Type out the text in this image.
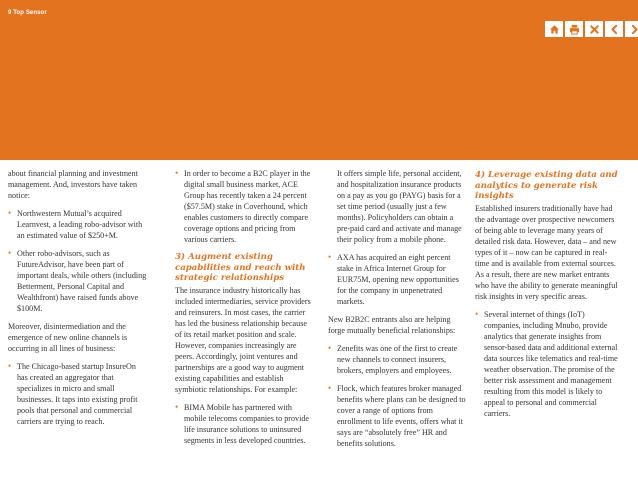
9 Top Sensor

about financial planning and investment management. And, investors have taken notice:

• Northwestern Mutual’s acquired Learnvest, a leading robo-advisor with an estimated value of $250+M.
• Other robo-advisors, such as FutureAdvisor, have been part of important deals, while others (including Betterment, Personal Capital and Wealthfront) have raised funds above $100M.

Moreover, disintermediation and the emergence of new online channels is occurring in all lines of business:

• The Chicago-based startup InsureOn has created an aggregator that specializes in micro and small businesses. It taps into existing profit pools that personal and commercial carriers are trying to reach.
• In order to become a B2C player in the digital small business market, ACE Group has recently taken a 24 percent ($57.5M) stake in Coverhound, which enables customers to directly compare coverage options and pricing from various carriers.
3) Augment existing capabilities and reach with strategic relationships

The insurance industry historically has included intermediaries, service providers and reinsurers. In most cases, the carrier has led the business relationship because of its retail market position and scale. However, companies increasingly are peers. Accordingly, joint ventures and partnerships are a good way to augment existing capabilities and establish symbiotic relationships. For example:

• BIMA Mobile has partnered with mobile telecoms companies to provide life insurance solutions to uninsured segments in less developed countries.
It offers simple life, personal accident, and hospitalization insurance products on a pay as you go (PAYG) basis for a set time period (usually just a few months). Policyholders can obtain a pre-paid card and activate and manage their policy from a mobile phone.
• AXA has acquired an eight percent stake in Africa Internet Group for EUR75M, opening new opportunities for the company in unpenetrated markets.

New B2B2C entrants also are helping forge mutually beneficial relationships:

• Zenefits was one of the first to create new channels to connect insurers, brokers, employers and employees.
• Flock, which features broker managed benefits where plans can be designed to cover a range of options from enrollment to life events, offers what it says are “absolutely free” HR and benefits solutions.
4) Leverage existing data and analytics to generate risk insights

Established insurers traditionally have had the advantage over prospective newcomers of being able to leverage many years of detailed risk data. However, data – and new types of it – now can be captured in real-time and is available from external sources. As a result, there are new market entrants who have the ability to generate meaningful risk insights in very specific areas.

• Several internet of things (IoT) companies, including Mnubo, provide analytics that generate insights from sensor-based data and additional external data sources like telematics and real-time weather observation. The promise of the better risk assessment and management resulting from this model is likely to appeal to personal and commercial carriers.
